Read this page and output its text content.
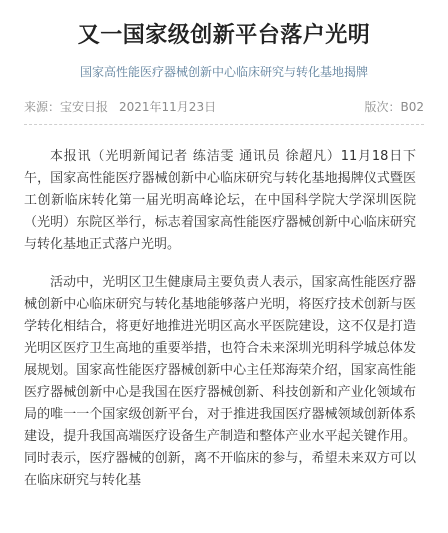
又一国家级创新平台落户光明
国家高性能医疗器械创新中心临床研究与转化基地揭牌
来源：宝安日报 2021年11月23日	版次：B02

本报讯（光明新闻记者 练洁雯 通讯员 徐超凡）11月18日下午，国家高性能医疗器械创新中心临床研究与转化基地揭牌仪式暨医工创新临床转化第一届光明高峰论坛，在中国科学院大学深圳医院（光明）东院区举行，标志着国家高性能医疗器械创新中心临床研究与转化基地正式落户光明。

活动中，光明区卫生健康局主要负责人表示，国家高性能医疗器械创新中心临床研究与转化基地能够落户光明，将医疗技术创新与医学转化相结合，将更好地推进光明区高水平医院建设，这不仅是打造光明区医疗卫生高地的重要举措，也符合未来深圳光明科学城总体发展规划。国家高性能医疗器械创新中心主任郑海荣介绍，国家高性能医疗器械创新中心是我国在医疗器械创新、科技创新和产业化领域布局的唯一一个国家级创新平台，对于推进我国医疗器械领域创新体系建设，提升我国高端医疗设备生产制造和整体产业水平起关键作用。同时表示，医疗器械的创新，离不开临床的参与，希望未来双方可以在临床研究与转化基
